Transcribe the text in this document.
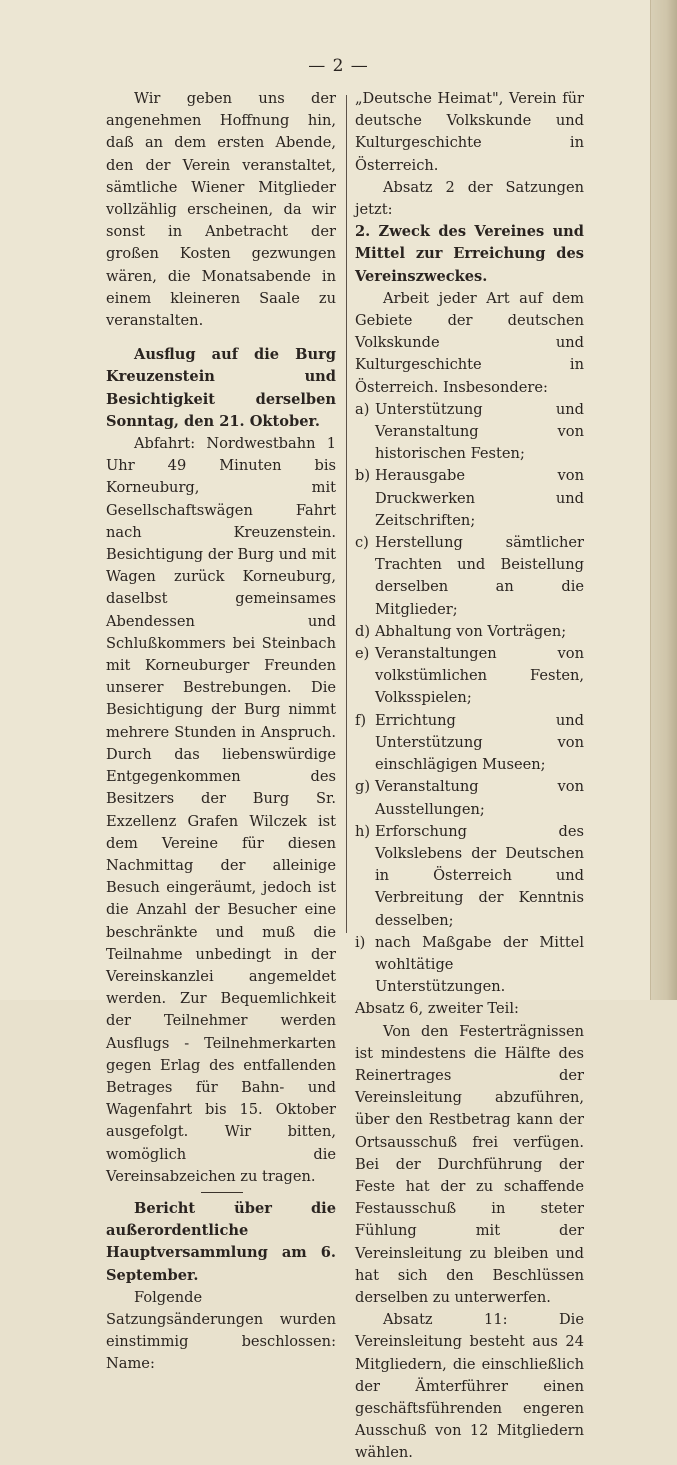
— 2 —

Wir geben uns der angenehmen Hoffnung hin, daß an dem ersten Abende, den der Verein veranstaltet, sämtliche Wiener Mitglieder vollzählig erscheinen, da wir sonst in Anbetracht der großen Kosten gezwungen wären, die Monatsabende in einem kleineren Saale zu veranstalten.

Ausflug auf die Burg Kreuzenstein und Besichtigkeit derselben Sonntag, den 21. Oktober.

Abfahrt: Nordwestbahn 1 Uhr 49 Minuten bis Korneuburg, mit Gesellschaftswägen Fahrt nach Kreuzenstein. Besichtigung der Burg und mit Wagen zurück Korneuburg, daselbst gemeinsames Abendessen und Schlußkommers bei Steinbach mit Korneuburger Freunden unserer Bestrebungen. Die Besichtigung der Burg nimmt mehrere Stunden in Anspruch. Durch das liebenswürdige Entgegenkommen des Besitzers der Burg Sr. Exzellenz Grafen Wilczek ist dem Vereine für diesen Nachmittag der alleinige Besuch eingeräumt, jedoch ist die Anzahl der Besucher eine beschränkte und muß die Teilnahme unbedingt in der Vereinskanzlei angemeldet werden. Zur Bequemlichkeit der Teilnehmer werden Ausflugs - Teilnehmerkarten gegen Erlag des entfallenden Betrages für Bahn- und Wagenfahrt bis 15. Oktober ausgefolgt. Wir bitten, womöglich die Vereinsabzeichen zu tragen.

Bericht über die außerordentliche Hauptversammlung am 6. September.

Folgende Satzungsänderungen wurden einstimmig beschlossen: Name:

„Deutsche Heimat", Verein für deutsche Volkskunde und Kulturgeschichte in Österreich.

Absatz 2 der Satzungen jetzt:

2. Zweck des Vereines und Mittel zur Erreichung des Vereinszweckes.

Arbeit jeder Art auf dem Gebiete der deutschen Volkskunde und Kulturgeschichte in Österreich. Insbesondere:

a) Unterstützung und Veranstaltung von historischen Festen;
b) Herausgabe von Druckwerken und Zeitschriften;
c) Herstellung sämtlicher Trachten und Beistellung derselben an die Mitglieder;
d) Abhaltung von Vorträgen;
e) Veranstaltungen von volkstümlichen Festen, Volksspielen;
f) Errichtung und Unterstützung von einschlägigen Museen;
g) Veranstaltung von Ausstellungen;
h) Erforschung des Volkslebens der Deutschen in Österreich und Verbreitung der Kenntnis desselben;
i) nach Maßgabe der Mittel wohltätige Unterstützungen.

Absatz 6, zweiter Teil:

Von den Festerträgnissen ist mindestens die Hälfte des Reinertrages der Vereinsleitung abzuführen, über den Restbetrag kann der Ortsausschuß frei verfügen. Bei der Durchführung der Feste hat der zu schaffende Festausschuß in steter Fühlung mit der Vereinsleitung zu bleiben und hat sich den Beschlüssen derselben zu unterwerfen.

Absatz 11: Die Vereinsleitung besteht aus 24 Mitgliedern, die einschließlich der Ämterführer einen geschäftsführenden engeren Ausschuß von 12 Mitgliedern wählen.
